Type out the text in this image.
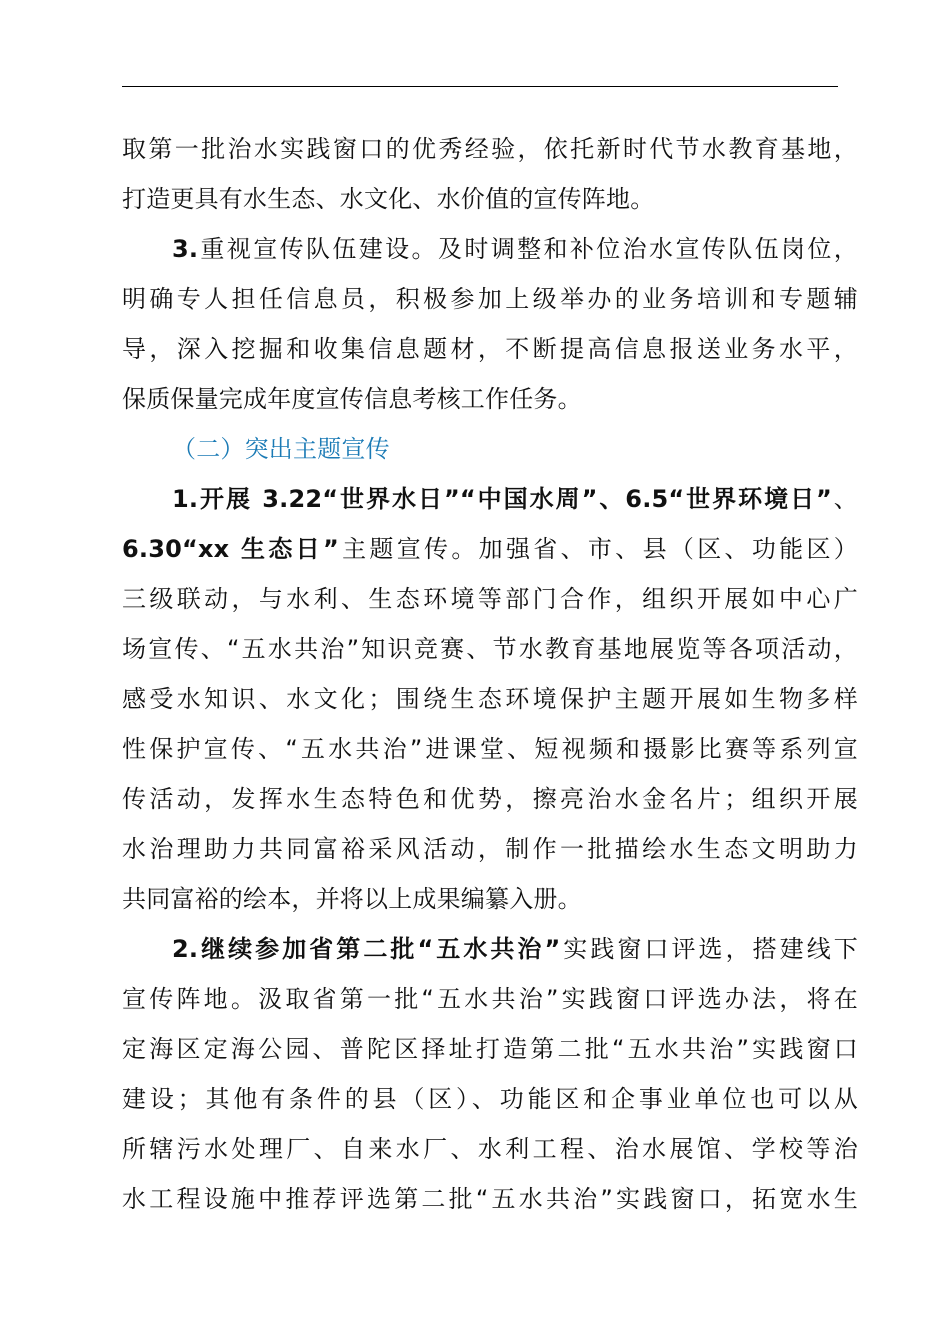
取第一批治水实践窗口的优秀经验，依托新时代节水教育基地，
打造更具有水生态、水文化、水价值的宣传阵地。
3.重视宣传队伍建设。及时调整和补位治水宣传队伍岗位，
明确专人担任信息员，积极参加上级举办的业务培训和专题辅
导，深入挖掘和收集信息题材，不断提高信息报送业务水平，
保质保量完成年度宣传信息考核工作任务。
（二）突出主题宣传
1.开展 3.22“世界水日”“中国水周”、6.5“世界环境日”、
6.30“xx 生态日”主题宣传。加强省、市、县（区、功能区）
三级联动，与水利、生态环境等部门合作，组织开展如中心广
场宣传、“五水共治”知识竞赛、节水教育基地展览等各项活动，
感受水知识、水文化；围绕生态环境保护主题开展如生物多样
性保护宣传、“五水共治”进课堂、短视频和摄影比赛等系列宣
传活动，发挥水生态特色和优势，擦亮治水金名片；组织开展
水治理助力共同富裕采风活动，制作一批描绘水生态文明助力
共同富裕的绘本，并将以上成果编纂入册。
2.继续参加省第二批“五水共治”实践窗口评选，搭建线下
宣传阵地。汲取省第一批“五水共治”实践窗口评选办法，将在
定海区定海公园、普陀区择址打造第二批“五水共治”实践窗口
建设；其他有条件的县（区）、功能区和企事业单位也可以从
所辖污水处理厂、自来水厂、水利工程、治水展馆、学校等治
水工程设施中推荐评选第二批“五水共治”实践窗口，拓宽水生
